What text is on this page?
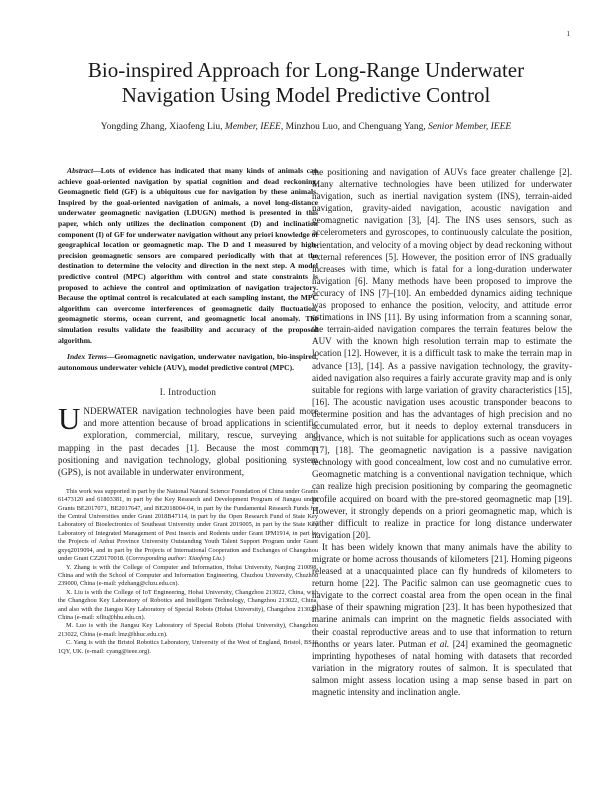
1
Bio-inspired Approach for Long-Range Underwater Navigation Using Model Predictive Control
Yongding Zhang, Xiaofeng Liu, Member, IEEE, Minzhou Luo, and Chenguang Yang, Senior Member, IEEE

Abstract—Lots of evidence has indicated that many kinds of animals can achieve goal-oriented navigation by spatial cognition and dead reckoning. Geomagnetic field (GF) is a ubiquitous cue for navigation by these animals. Inspired by the goal-oriented navigation of animals, a novel long-distance underwater geomagnetic navigation (LDUGN) method is presented in this paper, which only utilizes the declination component (D) and inclination component (I) of GF for underwater navigation without any priori knowledge of geographical location or geomagnetic map. The D and I measured by high-precision geomagnetic sensors are compared periodically with that at the destination to determine the velocity and direction in the next step. A model predictive control (MPC) algorithm with control and state constraints is proposed to achieve the control and optimization of navigation trajectory. Because the optimal control is recalculated at each sampling instant, the MPC algorithm can overcome interferences of geomagnetic daily fluctuation, geomagnetic storms, ocean current, and geomagnetic local anomaly. The simulation results validate the feasibility and accuracy of the proposed algorithm.

Index Terms—Geomagnetic navigation, underwater navigation, bio-inspired, autonomous underwater vehicle (AUV), model predictive control (MPC).

I. Introduction

UNDERWATER navigation technologies have been paid more and more attention because of broad applications in scientific exploration, commercial, military, rescue, surveying and mapping in the past decades [1]. Because the most common positioning and navigation technology, global positioning system (GPS), is not available in underwater environment,

This work was supported in part by the National Natural Science Foundation of China under Grants 61473120 and 61803381, in part by the Key Research and Development Program of Jiangsu under Grants BE2017071, BE2017647, and BE2018004-04, in part by the Fundamental Research Funds for the Central Universities under Grant 2018B47114, in part by the Open Research Fund of State Key Laboratory of Bioelectronics of Southeast University under Grant 2019005, in part by the State Key Laboratory of Integrated Management of Pest Insects and Rodents under Grant IPM1914, in part by the Projects of Anhui Province University Outstanding Youth Talent Support Program under Grant gxyq2019094, and in part by the Projects of International Cooperation and Exchanges of Changzhou under Grant CZ20170018. (Corresponding author: Xiaofeng Liu.)

Y. Zhang is with the College of Computer and Information, Hohai University, Nanjing 210098, China and with the School of Computer and Information Engineering, Chuzhou University, Chuzhou 239000, China (e-mail: ydzhang@chzu.edu.cn).

X. Liu is with the College of IoT Engineering, Hohai University, Changzhou 213022, China, with the Changzhou Key Laboratory of Robotics and Intelligent Technology, Changzhou 213022, China, and also with the Jiangsu Key Laboratory of Special Robots (Hohai University), Changzhou 213022, China (e-mail: xfliu@hhu.edu.cn).

M. Luo is with the Jiangsu Key Laboratory of Special Robots (Hohai University), Changzhou 213022, China (e-mail: lmz@hhuc.edu.cn).

C. Yang is with the Bristol Robotics Laboratory, University of the West of England, Bristol, BS16 1QY, UK. (e-mail: cyang@ieee.org).

the positioning and navigation of AUVs face greater challenge [2]. Many alternative technologies have been utilized for underwater navigation, such as inertial navigation system (INS), terrain-aided navigation, gravity-aided navigation, acoustic navigation and geomagnetic navigation [3], [4]. The INS uses sensors, such as accelerometers and gyroscopes, to continuously calculate the position, orientation, and velocity of a moving object by dead reckoning without external references [5]. However, the position error of INS gradually increases with time, which is fatal for a long-duration underwater navigation [6]. Many methods have been proposed to improve the accuracy of INS [7]–[10]. An embedded dynamics aiding technique was proposed to enhance the position, velocity, and attitude error estimations in INS [11]. By using information from a scanning sonar, the terrain-aided navigation compares the terrain features below the AUV with the known high resolution terrain map to estimate the location [12]. However, it is a difficult task to make the terrain map in advance [13], [14]. As a passive navigation technology, the gravity-aided navigation also requires a fairly accurate gravity map and is only suitable for regions with large variation of gravity characteristics [15], [16]. The acoustic navigation uses acoustic transponder beacons to determine position and has the advantages of high precision and no accumulated error, but it needs to deploy external transducers in advance, which is not suitable for applications such as ocean voyages [17], [18]. The geomagnetic navigation is a passive navigation technology with good concealment, low cost and no cumulative error. Geomagnetic matching is a conventional navigation technique, which can realize high precision positioning by comparing the geomagnetic profile acquired on board with the pre-stored geomagnetic map [19]. However, it strongly depends on a priori geomagnetic map, which is rather difficult to realize in practice for long distance underwater navigation [20].

It has been widely known that many animals have the ability to migrate or home across thousands of kilometers [21]. Homing pigeons released at a unacquainted place can fly hundreds of kilometers to return home [22]. The Pacific salmon can use geomagnetic cues to navigate to the correct coastal area from the open ocean in the final phase of their spawning migration [23]. It has been hypothesized that marine animals can imprint on the magnetic fields associated with their coastal reproductive areas and to use that information to return months or years later. Putman et al. [24] examined the geomagnetic imprinting hypotheses of natal homing with datasets that recorded variation in the migratory routes of salmon. It is speculated that salmon might assess location using a map sense based in part on magnetic intensity and inclination angle.
